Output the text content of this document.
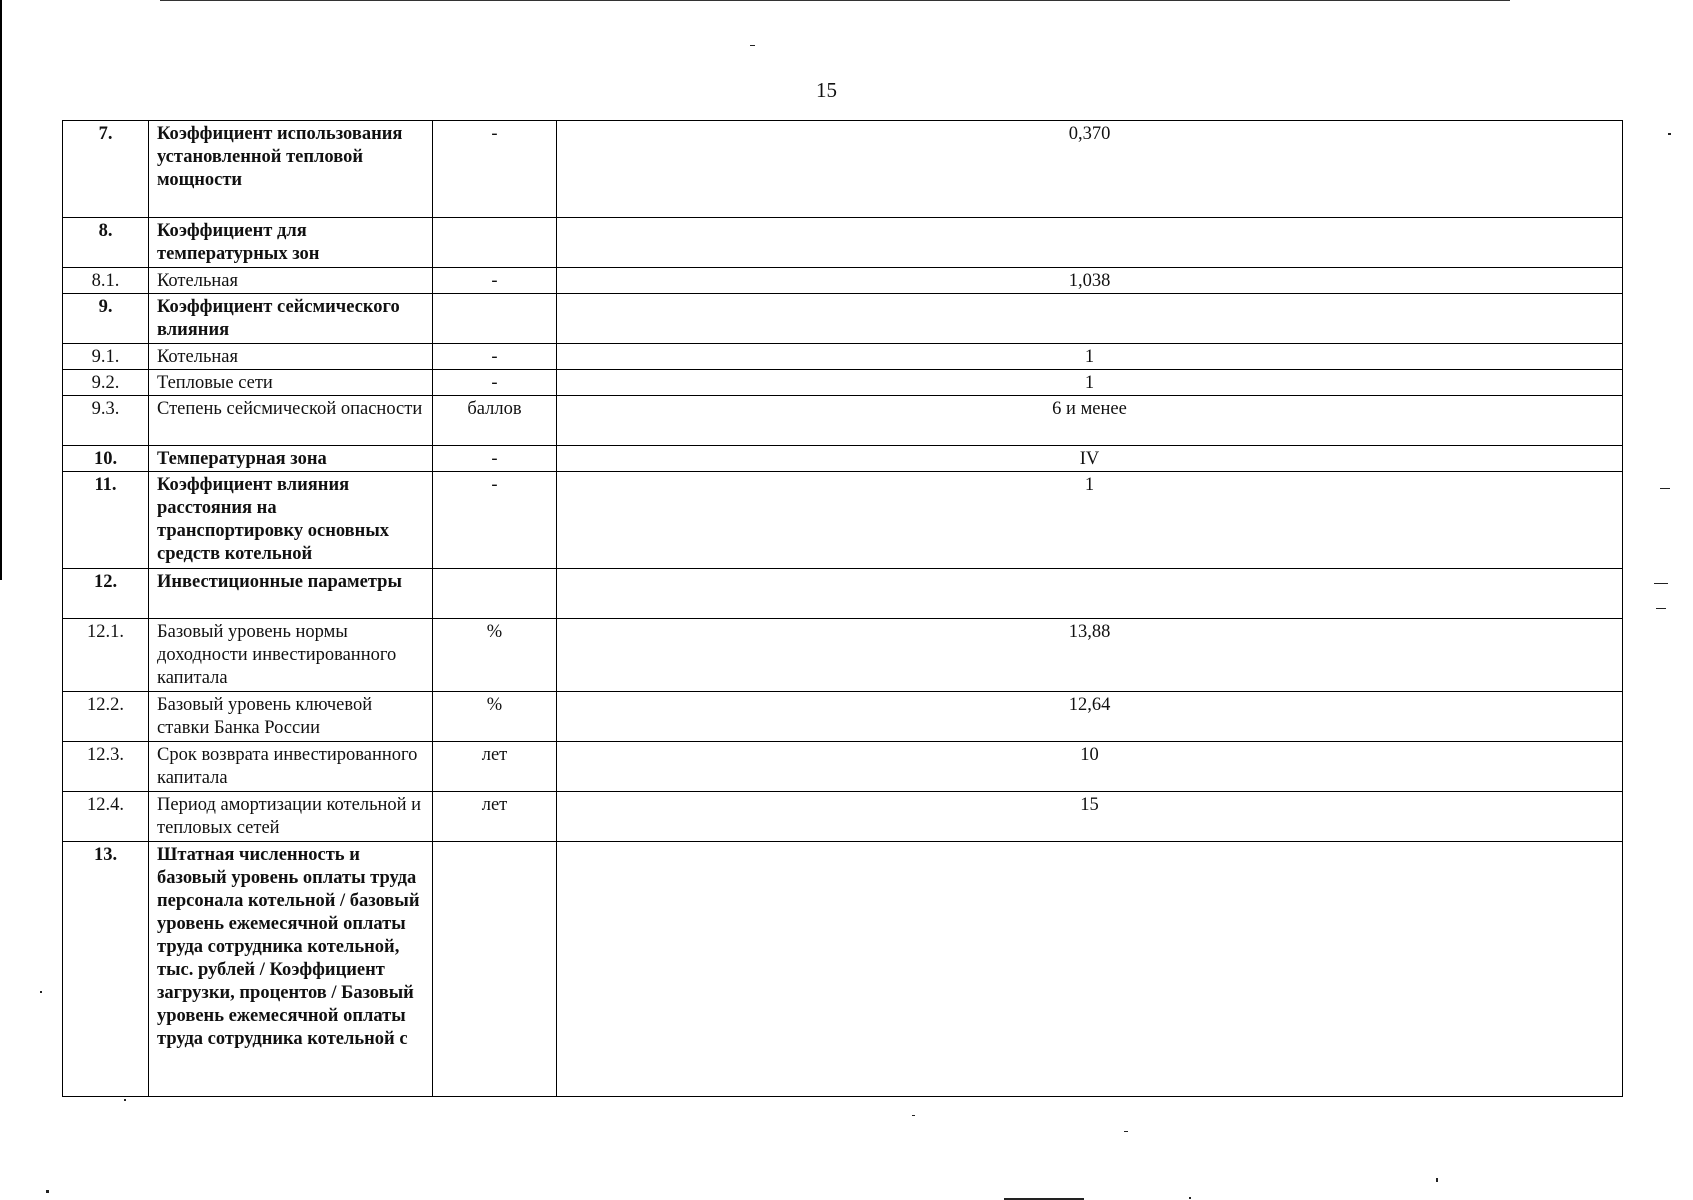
15
7.	Коэффициент использования установленной тепловой мощности	-	0,370
8.	Коэффициент для температурных зон		
8.1.	Котельная	-	1,038
9.	Коэффициент сейсмического влияния		
9.1.	Котельная	-	1
9.2.	Тепловые сети	-	1
9.3.	Степень сейсмической опасности	баллов	6 и менее
10.	Температурная зона	-	IV
11.	Коэффициент влияния расстояния на транспортировку основных средств котельной	-	1
12.	Инвестиционные параметры		
12.1.	Базовый уровень нормы доходности инвестированного капитала	%	13,88
12.2.	Базовый уровень ключевой ставки Банка России	%	12,64
12.3.	Срок возврата инвестированного капитала	лет	10
12.4.	Период амортизации котельной и тепловых сетей	лет	15
13.	Штатная численность и базовый уровень оплаты труда персонала котельной / базовый уровень ежемесячной оплаты труда сотрудника котельной, тыс. рублей / Коэффициент загрузки, процентов / Базовый уровень ежемесячной оплаты труда сотрудника котельной с		
